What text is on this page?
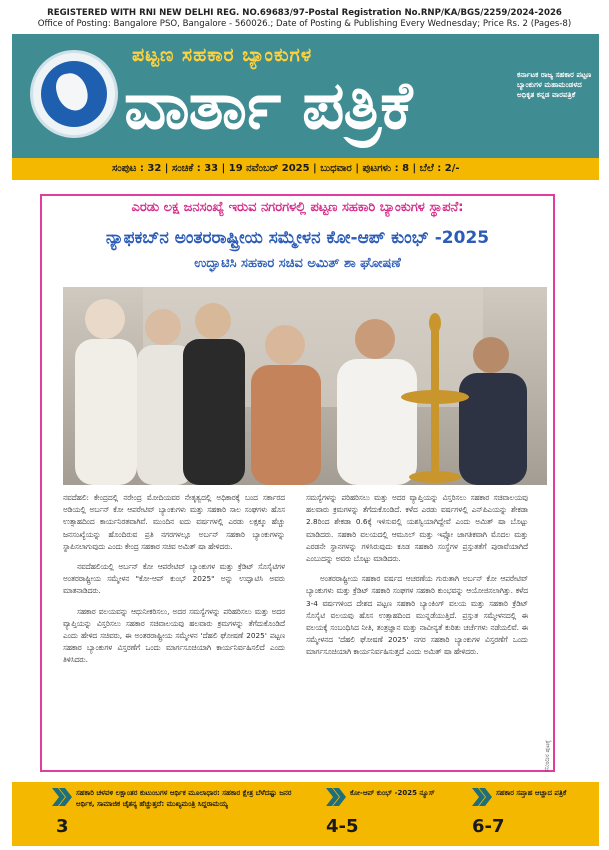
REGISTERED WITH RNI NEW DELHI REG. NO.69683/97-Postal Registration No.RNP/KA/BGS/2259/2024-2026
Office of Posting: Bangalore PSO, Bangalore - 560026.; Date of Posting & Publishing Every Wednesday; Price Rs. 2 (Pages-8)
ಪಟ್ಟಣ ಸಹಕಾರ ಬ್ಯಾಂಕುಗಳ
ವಾರ್ತಾ ಪತ್ರಿಕೆ	ಕರ್ನಾಟಕ ರಾಜ್ಯ ಸಹಕಾರ ಪಟ್ಟಣ ಬ್ಯಾಂಕುಗಳ ಮಹಾಮಂಡಳದ ಅಧಿಕೃತ ಕನ್ನಡ ವಾರಪತ್ರಿಕೆ
ಸಂಪುಟ : 32 | ಸಂಚಿಕೆ : 33 | 19 ನವೆಂಬರ್ 2025 | ಬುಧವಾರ | ಪುಟಗಳು : 8 | ಬೆಲೆ : 2/-
ಎರಡು ಲಕ್ಷ ಜನಸಂಖ್ಯೆ ಇರುವ ನಗರಗಳಲ್ಲಿ ಪಟ್ಟಣ ಸಹಕಾರಿ ಬ್ಯಾಂಕುಗಳ ಸ್ಥಾಪನೆ:
ನ್ಯಾಫಕಬ್‌ನ ಅಂತರರಾಷ್ಟ್ರೀಯ ಸಮ್ಮೇಳನ ಕೋ-ಆಪ್ ಕುಂಭ್ -2025
ಉದ್ಘಾಟಿಸಿ ಸಹಕಾರ ಸಚಿವ ಅಮಿತ್ ಶಾ ಘೋಷಣೆ

ನವದೆಹಲಿ: ಕೇಂದ್ರದಲ್ಲಿ ನರೇಂದ್ರ ಮೋದಿಯವರ ನೇತೃತ್ವದಲ್ಲಿ ಅಧಿಕಾರಕ್ಕೆ ಬಂದ ಸರ್ಕಾರದ ಅಡಿಯಲ್ಲಿ ಅರ್ಬನ್ ಕೋ ಆಪರೇಟಿವ್ ಬ್ಯಾಂಕುಗಳು ಮತ್ತು ಸಹಕಾರಿ ಸಾಲ ಸಂಘಗಳು ಹೊಸ ಉತ್ಸಾಹದಿಂದ ಕಾರ್ಯನಿರತವಾಗಿವೆ. ಮುಂದಿನ ಐದು ವರ್ಷಗಳಲ್ಲಿ ಎರಡು ಲಕ್ಷಕ್ಕೂ ಹೆಚ್ಚು ಜನಸಂಖ್ಯೆಯನ್ನು ಹೊಂದಿರುವ ಪ್ರತಿ ನಗರಗಳಲ್ಲೂ ಅರ್ಬನ್ ಸಹಕಾರಿ ಬ್ಯಾಂಕುಗಳನ್ನು ಸ್ಥಾಪಿಸಲಾಗುವುದು ಎಂದು ಕೇಂದ್ರ ಸಹಕಾರ ಸಚಿವ ಅಮಿತ್ ಷಾ ಹೇಳಿದರು.

ನವದೆಹಲಿಯಲ್ಲಿ ಅರ್ಬನ್ ಕೋ ಆಪರೇಟಿವ್ ಬ್ಯಾಂಕುಗಳ ಮತ್ತು ಕ್ರೆಡಿಟ್ ಸೊಸೈಟಿಗಳ ಅಂತರರಾಷ್ಟ್ರೀಯ ಸಮ್ಮೇಳನ "ಕೋ-ಆಪ್ ಕುಂಭ್ 2025" ಅನ್ನು ಉದ್ಘಾಟಿಸಿ ಅವರು ಮಾತನಾಡಿದರು.

ಸಹಕಾರ ವಲಯವನ್ನು ಆಧುನೀಕರಿಸಲು, ಅದರ ಸಮಸ್ಯೆಗಳನ್ನು ಪರಿಹರಿಸಲು ಮತ್ತು ಅದರ ವ್ಯಾಪ್ತಿಯನ್ನು ವಿಸ್ತರಿಸಲು ಸಹಕಾರ ಸಚಿವಾಲಯವು ಹಲವಾರು ಕ್ರಮಗಳನ್ನು ತೆಗೆದುಕೊಂಡಿದೆ ಎಂದು ಹೇಳಿದ ಸಚಿವರು, ಈ ಅಂತರರಾಷ್ಟ್ರೀಯ ಸಮ್ಮೇಳನ 'ದೆಹಲಿ ಘೋಷಣೆ 2025' ಪಟ್ಟಣ ಸಹಕಾರ ಬ್ಯಾಂಕುಗಳ ವಿಸ್ತರಣೆಗೆ ಒಂದು ಮಾರ್ಗಸೂಚಿಯಾಗಿ ಕಾರ್ಯನಿರ್ವಹಿಸಲಿದೆ ಎಂದು ತಿಳಿಸಿದರು.

ಸಮಸ್ಯೆಗಳನ್ನು ಪರಿಹರಿಸಲು ಮತ್ತು ಅದರ ವ್ಯಾಪ್ತಿಯನ್ನು ವಿಸ್ತರಿಸಲು ಸಹಕಾರ ಸಚಿವಾಲಯವು ಹಲವಾರು ಕ್ರಮಗಳನ್ನು ತೆಗೆದುಕೊಂಡಿದೆ. ಕಳೆದ ಎರಡು ವರ್ಷಗಳಲ್ಲಿ ಎನ್‌ಪಿಎಯನ್ನು ಶೇಕಡಾ 2.8ರಿಂದ ಶೇಕಡಾ 0.6ಕ್ಕೆ ಇಳಿಸುವಲ್ಲಿ ಯಶಸ್ವಿಯಾಗಿದ್ದೇವೆ ಎಂದು ಅಮಿತ್ ಷಾ ಬೊಟ್ಟು ಮಾಡಿದರು. ಸಹಕಾರಿ ವಲಯದಲ್ಲಿ ಆಮೂಲ್ ಮತ್ತು ಇಫ್ಕೋ ಜಾಗತಿಕವಾಗಿ ಮೊದಲ ಮತ್ತು ಎರಡನೇ ಸ್ಥಾನಗಳನ್ನು ಗಳಿಸಿರುವುದು ಕೂಡ ಸಹಕಾರಿ ಸಂಸ್ಥೆಗಳ ಪ್ರಸ್ತುತತೆಗೆ ಪುರಾವೆಯಾಗಿದೆ ಎಂಬುದನ್ನು ಅವರು ಬೊಟ್ಟು ಮಾಡಿದರು.

ಅಂತರರಾಷ್ಟ್ರೀಯ ಸಹಕಾರ ವರ್ಷದ ಆಚರಣೆಯ ಗುರುತಾಗಿ ಅರ್ಬನ್ ಕೋ ಆಪರೇಟಿವ್ ಬ್ಯಾಂಕುಗಳು ಮತ್ತು ಕ್ರೆಡಿಟ್ ಸಹಕಾರಿ ಸಂಘಗಳ ಸಹಕಾರಿ ಕುಂಭವನ್ನು ಆಯೋಜಿಸಲಾಗಿತ್ತು. ಕಳೆದ 3-4 ವರ್ಷಗಳಿಂದ ದೇಶದ ಪಟ್ಟಣ ಸಹಕಾರಿ ಬ್ಯಾಂಕಿಂಗ್ ವಲಯ ಮತ್ತು ಸಹಕಾರಿ ಕ್ರೆಡಿಟ್ ಸೊಸೈಟಿ ವಲಯವು ಹೊಸ ಉತ್ಸಾಹದಿಂದ ಮುನ್ನಡೆಯುತ್ತಿದೆ. ಪ್ರಸ್ತುತ ಸಮ್ಮೇಳನದಲ್ಲಿ ಈ ವಲಯಕ್ಕೆ ಸಂಬಂಧಿಸಿದ ನೀತಿ, ತಂತ್ರಜ್ಞಾನ ಮತ್ತು ನಾವೀನ್ಯತೆ ಕುರಿತು ಚರ್ಚೆಗಳು ನಡೆಯಲಿವೆ. ಈ ಸಮ್ಮೇಳನದ 'ದೆಹಲಿ ಘೋಷಣೆ 2025' ನಗರ ಸಹಕಾರಿ ಬ್ಯಾಂಕುಗಳ ವಿಸ್ತರಣೆಗೆ ಒಂದು ಮಾರ್ಗಸೂಚಿಯಾಗಿ ಕಾರ್ಯನಿರ್ವಹಿಸುತ್ತದೆ ಎಂದು ಅಮಿತ್ ಷಾ ಹೇಳಿದರು.

ಮುಂದಿನ ಪುಟಕ್ಕೆ
ಸಹಕಾರಿ ಚಳವಳಿ ಲಕ್ಷಾಂತರ ಕುಟುಂಬಗಳ ಆರ್ಥಿಕ ಮೂಲಾಧಾರ: ಸಹಕಾರ ಕ್ಷೇತ್ರ ಬೆಳೆದಷ್ಟು ಜನರ ಆರ್ಥಿಕ, ಸಾಮಾಜಿಕ ಚೈತನ್ಯ ಹೆಚ್ಚುತ್ತದೆ: ಮುಖ್ಯಮಂತ್ರಿ ಸಿದ್ದರಾಮಯ್ಯ
3
ಕೋ-ಆಪ್ ಕುಂಭ್ -2025 ನ್ಯೂಸ್
4-5
ಸಹಕಾರ ಸಪ್ತಾಹ ಆಚ್ಚಾದ ಪತ್ರಿಕೆ
6-7
